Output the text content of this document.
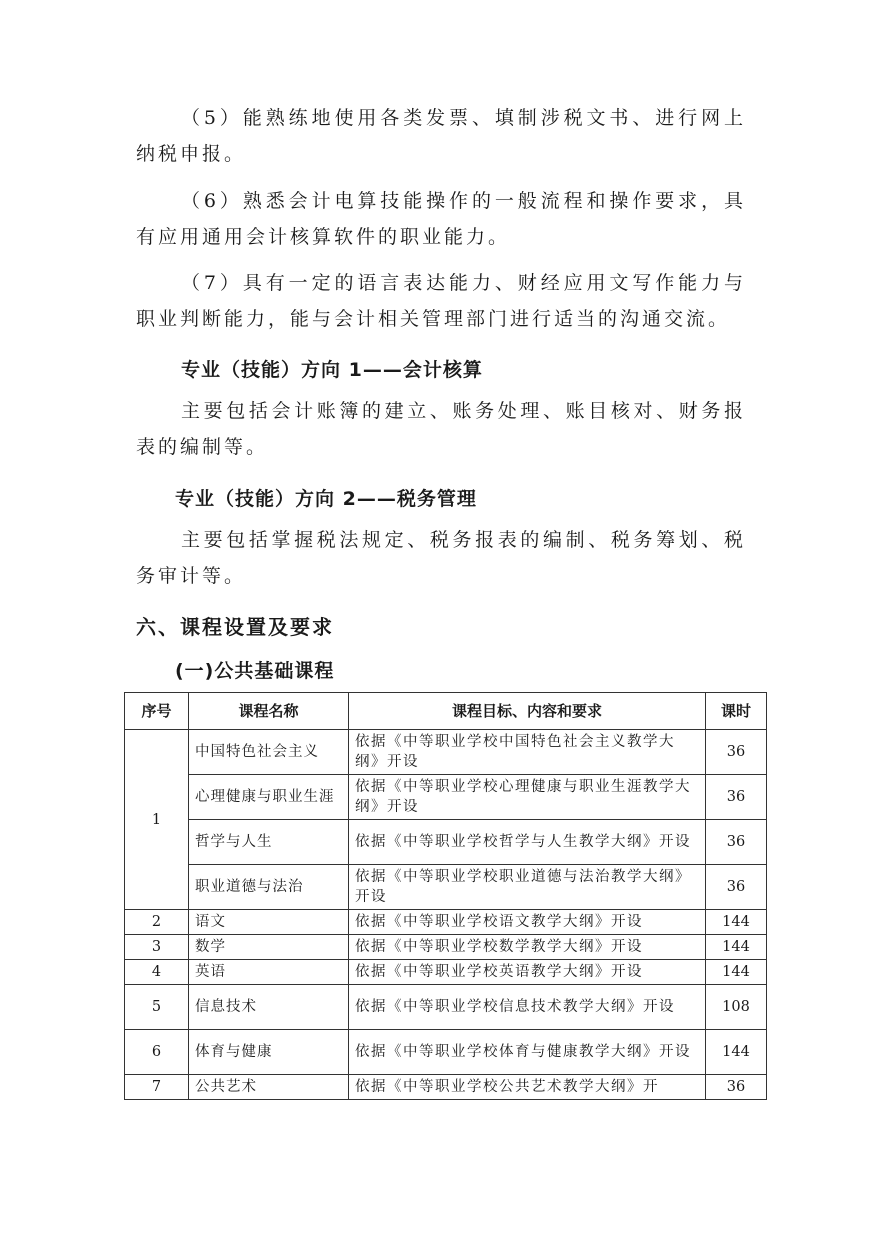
（5）能熟练地使用各类发票、填制涉税文书、进行网上纳税申报。

（6）熟悉会计电算技能操作的一般流程和操作要求，具有应用通用会计核算软件的职业能力。

（7）具有一定的语言表达能力、财经应用文写作能力与职业判断能力，能与会计相关管理部门进行适当的沟通交流。

专业（技能）方向 1——会计核算

主要包括会计账簿的建立、账务处理、账目核对、财务报表的编制等。

专业（技能）方向 2——税务管理

主要包括掌握税法规定、税务报表的编制、税务筹划、税务审计等。

六、课程设置及要求
(一)公共基础课程
序号	课程名称	课程目标、内容和要求	课时
1	中国特色社会主义	依据《中等职业学校中国特色社会主义教学大纲》开设	36
	心理健康与职业生涯	依据《中等职业学校心理健康与职业生涯教学大纲》开设	36
	哲学与人生	依据《中等职业学校哲学与人生教学大纲》开设	36
	职业道德与法治	依据《中等职业学校职业道德与法治教学大纲》开设	36
2	语文	依据《中等职业学校语文教学大纲》开设	144
3	数学	依据《中等职业学校数学教学大纲》开设	144
4	英语	依据《中等职业学校英语教学大纲》开设	144
5	信息技术	依据《中等职业学校信息技术教学大纲》开设	108
6	体育与健康	依据《中等职业学校体育与健康教学大纲》开设	144
7	公共艺术	依据《中等职业学校公共艺术教学大纲》开	36
